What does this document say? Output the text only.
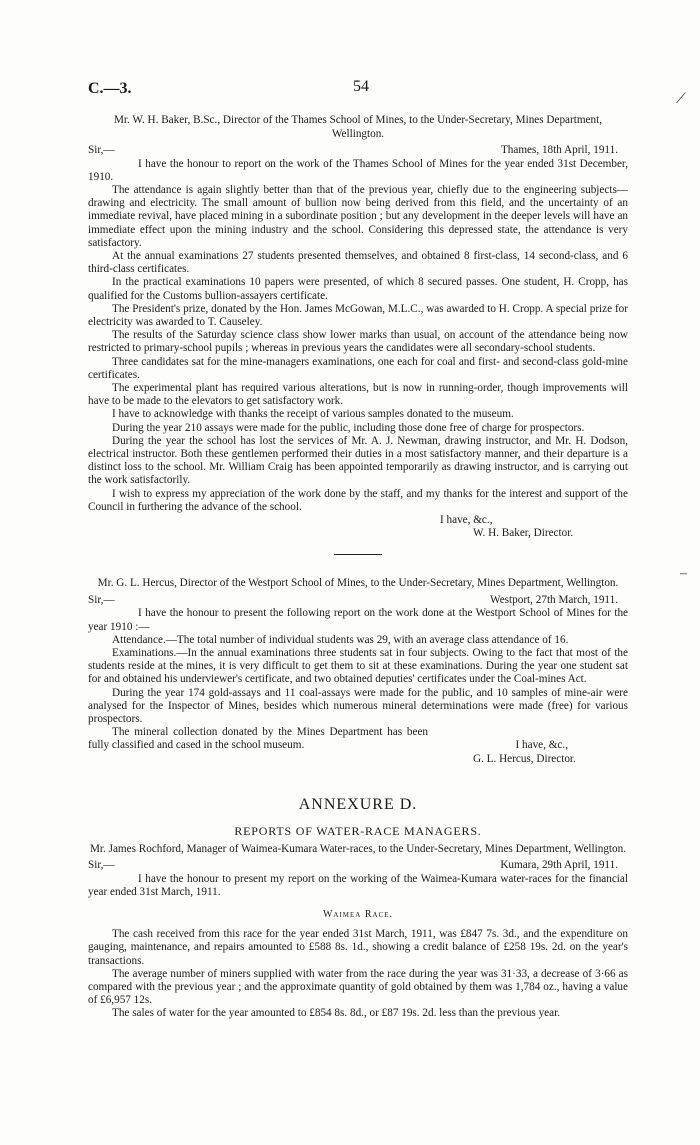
⟋
‒
C.—3.	54
Mr. W. H. Baker, B.Sc., Director of the Thames School of Mines, to the Under-Secretary, Mines Department, Wellington.
Sir,—	Thames, 18th April, 1911.

I have the honour to report on the work of the Thames School of Mines for the year ended 31st December, 1910.

The attendance is again slightly better than that of the previous year, chiefly due to the engineering subjects—drawing and electricity. The small amount of bullion now being derived from this field, and the uncertainty of an immediate revival, have placed mining in a subordinate position ; but any development in the deeper levels will have an immediate effect upon the mining industry and the school. Considering this depressed state, the attendance is very satisfactory.

At the annual examinations 27 students presented themselves, and obtained 8 first-class, 14 second-class, and 6 third-class certificates.

In the practical examinations 10 papers were presented, of which 8 secured passes. One student, H. Cropp, has qualified for the Customs bullion-assayers certificate.

The President's prize, donated by the Hon. James McGowan, M.L.C., was awarded to H. Cropp. A special prize for electricity was awarded to T. Causeley.

The results of the Saturday science class show lower marks than usual, on account of the attendance being now restricted to primary-school pupils ; whereas in previous years the candidates were all secondary-school students.

Three candidates sat for the mine-managers examinations, one each for coal and first- and second-class gold-mine certificates.

The experimental plant has required various alterations, but is now in running-order, though improvements will have to be made to the elevators to get satisfactory work.

I have to acknowledge with thanks the receipt of various samples donated to the museum.

During the year 210 assays were made for the public, including those done free of charge for prospectors.

During the year the school has lost the services of Mr. A. J. Newman, drawing instructor, and Mr. H. Dodson, electrical instructor. Both these gentlemen performed their duties in a most satisfactory manner, and their departure is a distinct loss to the school. Mr. William Craig has been appointed temporarily as drawing instructor, and is carrying out the work satisfactorily.

I wish to express my appreciation of the work done by the staff, and my thanks for the interest and support of the Council in furthering the advance of the school.

I have, &c.,
W. H. Baker, Director.
Mr. G. L. Hercus, Director of the Westport School of Mines, to the Under-Secretary, Mines Department, Wellington.
Sir,—	Westport, 27th March, 1911.

I have the honour to present the following report on the work done at the Westport School of Mines for the year 1910 :—

Attendance.—The total number of individual students was 29, with an average class attendance of 16.

Examinations.—In the annual examinations three students sat in four subjects. Owing to the fact that most of the students reside at the mines, it is very difficult to get them to sit at these examinations. During the year one student sat for and obtained his underviewer's certificate, and two obtained deputies' certificates under the Coal-mines Act.

During the year 174 gold-assays and 11 coal-assays were made for the public, and 10 samples of mine-air were analysed for the Inspector of Mines, besides which numerous mineral determinations were made (free) for various prospectors.

The mineral collection donated by the Mines Department has been fully classified and cased in the school museum.	I have, &c.,
G. L. Hercus, Director.
ANNEXURE D.
REPORTS OF WATER-RACE MANAGERS.
Mr. James Rochford, Manager of Waimea-Kumara Water-races, to the Under-Secretary, Mines Department, Wellington.
Sir,—	Kumara, 29th April, 1911.

I have the honour to present my report on the working of the Waimea-Kumara water-races for the financial year ended 31st March, 1911.

Waimea Race.

The cash received from this race for the year ended 31st March, 1911, was £847 7s. 3d., and the expenditure on gauging, maintenance, and repairs amounted to £588 8s. 1d., showing a credit balance of £258 19s. 2d. on the year's transactions.

The average number of miners supplied with water from the race during the year was 31·33, a decrease of 3·66 as compared with the previous year ; and the approximate quantity of gold obtained by them was 1,784 oz., having a value of £6,957 12s.

The sales of water for the year amounted to £854 8s. 8d., or £87 19s. 2d. less than the previous year.
